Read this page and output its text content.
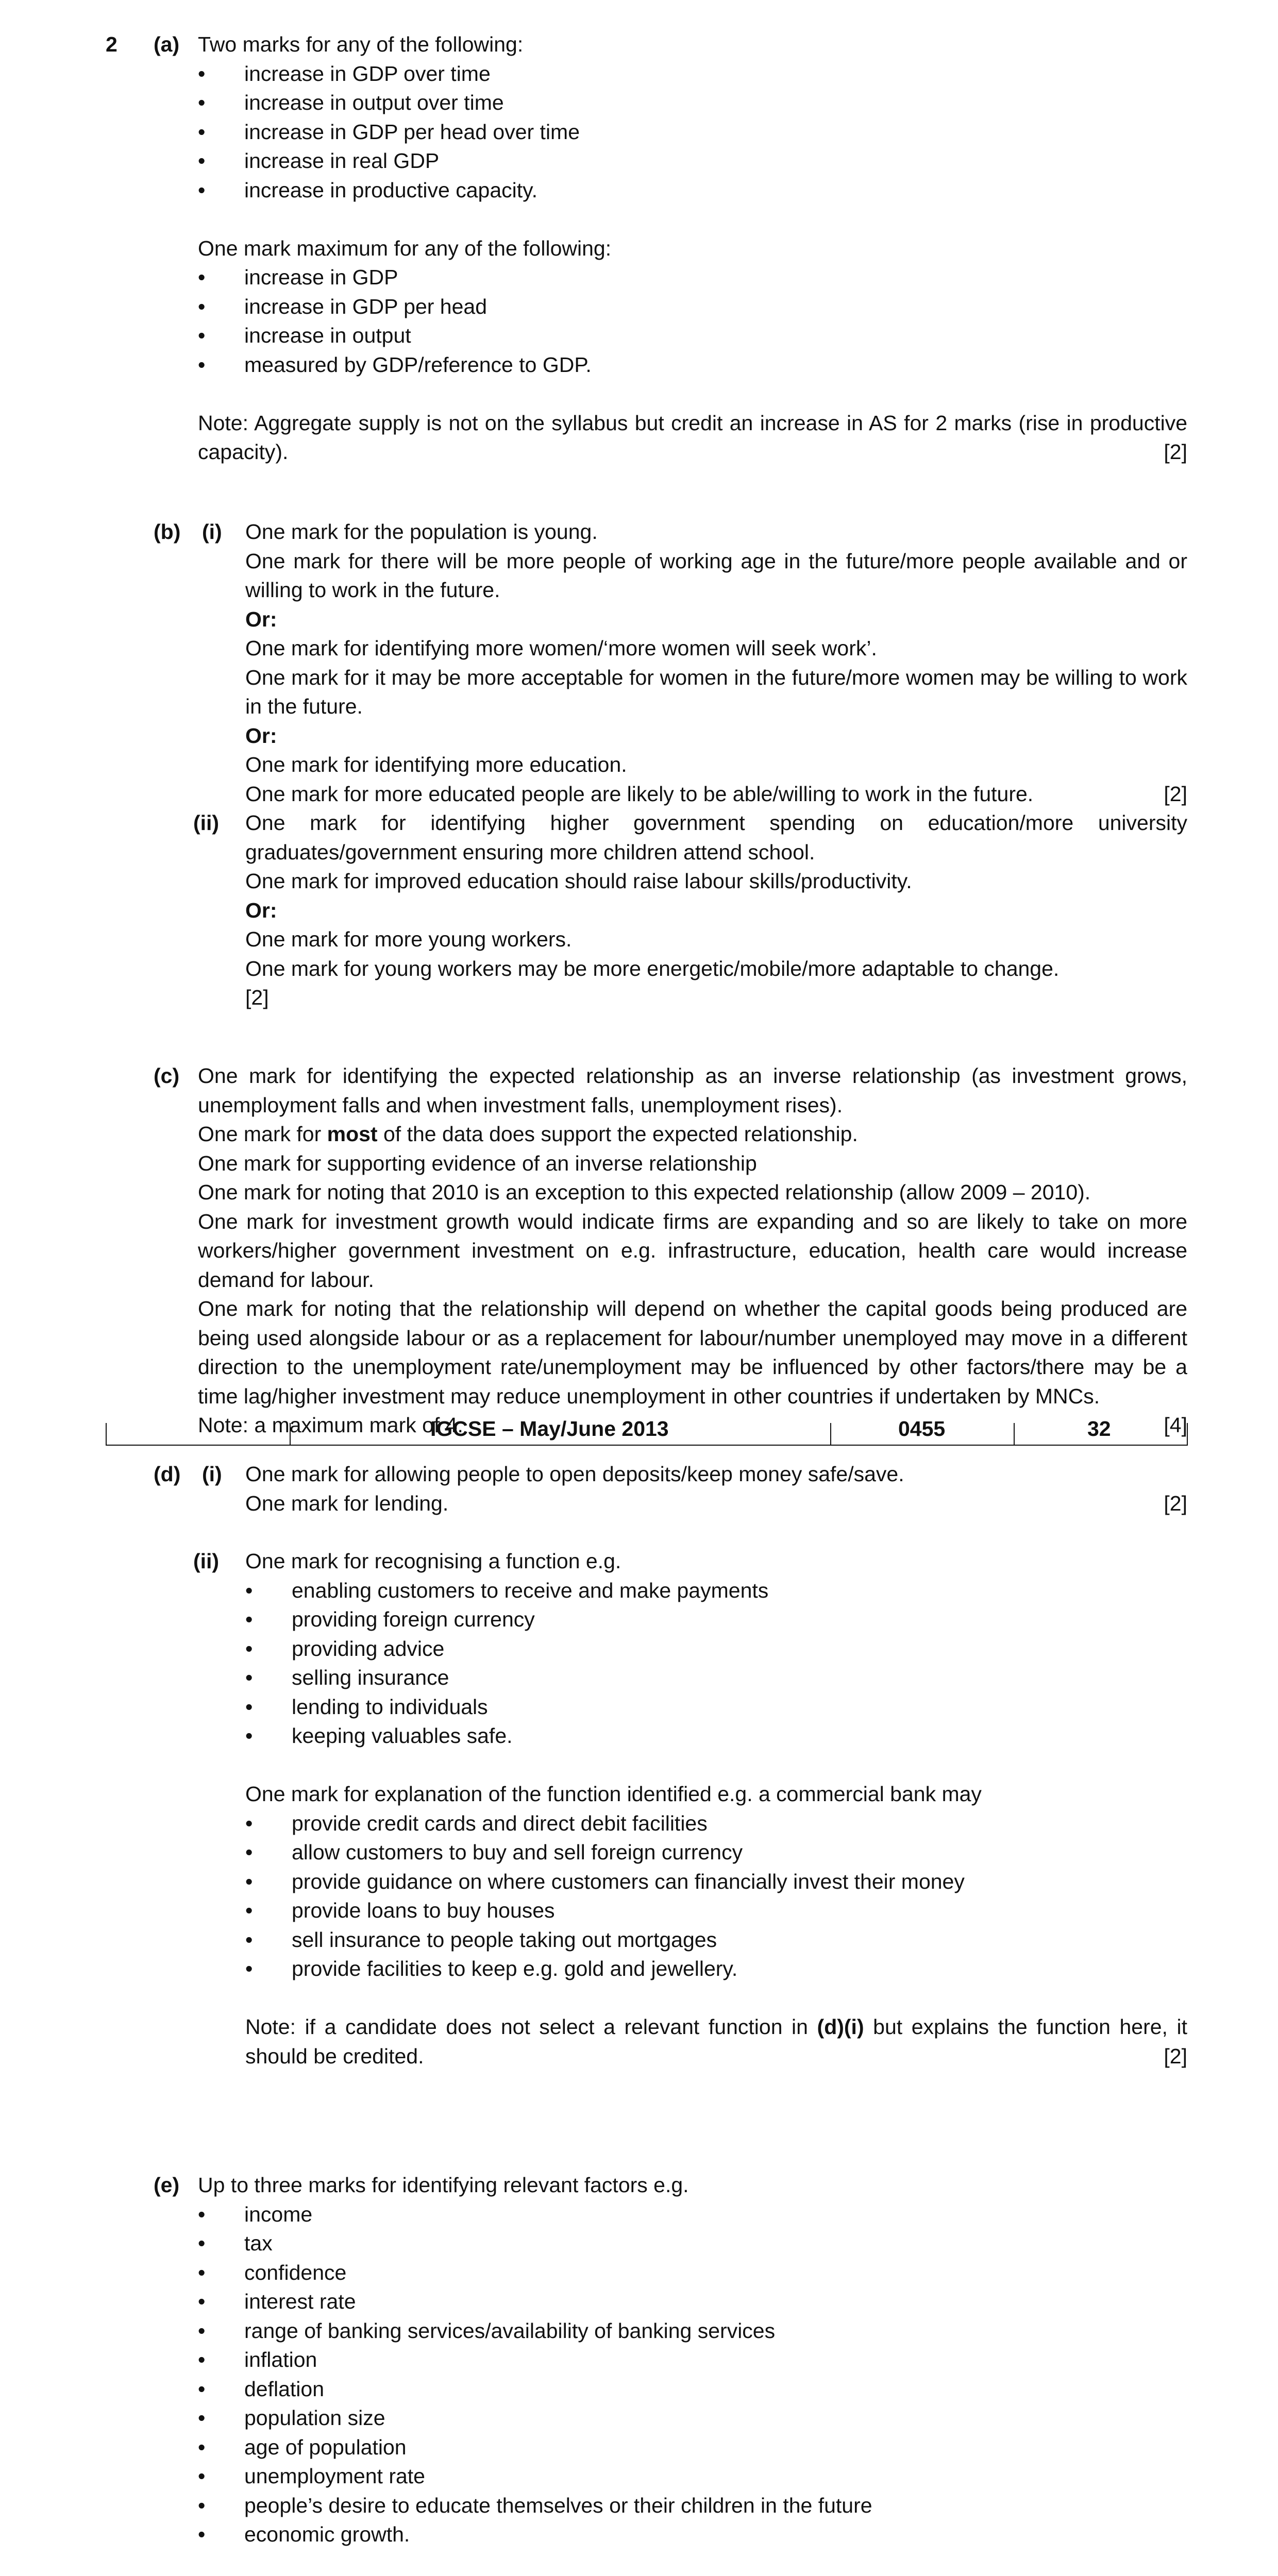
2 (a) Two marks for any of the following:

• increase in GDP over time
• increase in output over time
• increase in GDP per head over time
• increase in real GDP
• increase in productive capacity.

One mark maximum for any of the following:

• increase in GDP
• increase in GDP per head
• increase in output
• measured by GDP/reference to GDP.

Note: Aggregate supply is not on the syllabus but credit an increase in AS for 2 marks (rise in productive capacity).	[2]

(b) (i) One mark for the population is young.

One mark for there will be more people of working age in the future/more people available and or willing to work in the future.

Or:

One mark for identifying more women/‘more women will seek work’.

One mark for it may be more acceptable for women in the future/more women may be willing to work in the future.

Or:

One mark for identifying more education.

One mark for more educated people are likely to be able/willing to work in the future.	[2]

(ii) One mark for identifying higher government spending on education/more university graduates/government ensuring more children attend school.

One mark for improved education should raise labour skills/productivity.

Or:

One mark for more young workers.

One mark for young workers may be more energetic/mobile/more adaptable to change.

[2]

(c) One mark for identifying the expected relationship as an inverse relationship (as investment grows, unemployment falls and when investment falls, unemployment rises).

One mark for most of the data does support the expected relationship.

One mark for supporting evidence of an inverse relationship

One mark for noting that 2010 is an exception to this expected relationship (allow 2009 – 2010).

One mark for investment growth would indicate firms are expanding and so are likely to take on more workers/higher government investment on e.g. infrastructure, education, health care would increase demand for labour.

One mark for noting that the relationship will depend on whether the capital goods being produced are being used alongside labour or as a replacement for labour/number unemployed may move in a different direction to the unemployment rate/unemployment may be influenced by other factors/there may be a time lag/higher investment may reduce unemployment in other countries if undertaken by MNCs.

Note: a maximum mark of 4.	[4]

IGCSE – May/June 2013	0455	32
(d) (i) One mark for allowing people to open deposits/keep money safe/save.

One mark for lending.	[2]

(ii) One mark for recognising a function e.g.

• enabling customers to receive and make payments
• providing foreign currency
• providing advice
• selling insurance
• lending to individuals
• keeping valuables safe.

One mark for explanation of the function identified e.g. a commercial bank may

• provide credit cards and direct debit facilities
• allow customers to buy and sell foreign currency
• provide guidance on where customers can financially invest their money
• provide loans to buy houses
• sell insurance to people taking out mortgages
• provide facilities to keep e.g. gold and jewellery.

Note: if a candidate does not select a relevant function in (d)(i) but explains the function here, it should be credited.	[2]

(e) Up to three marks for identifying relevant factors e.g.

• income
• tax
• confidence
• interest rate
• range of banking services/availability of banking services
• inflation
• deflation
• population size
• age of population
• unemployment rate
• people’s desire to educate themselves or their children in the future
• economic growth.
